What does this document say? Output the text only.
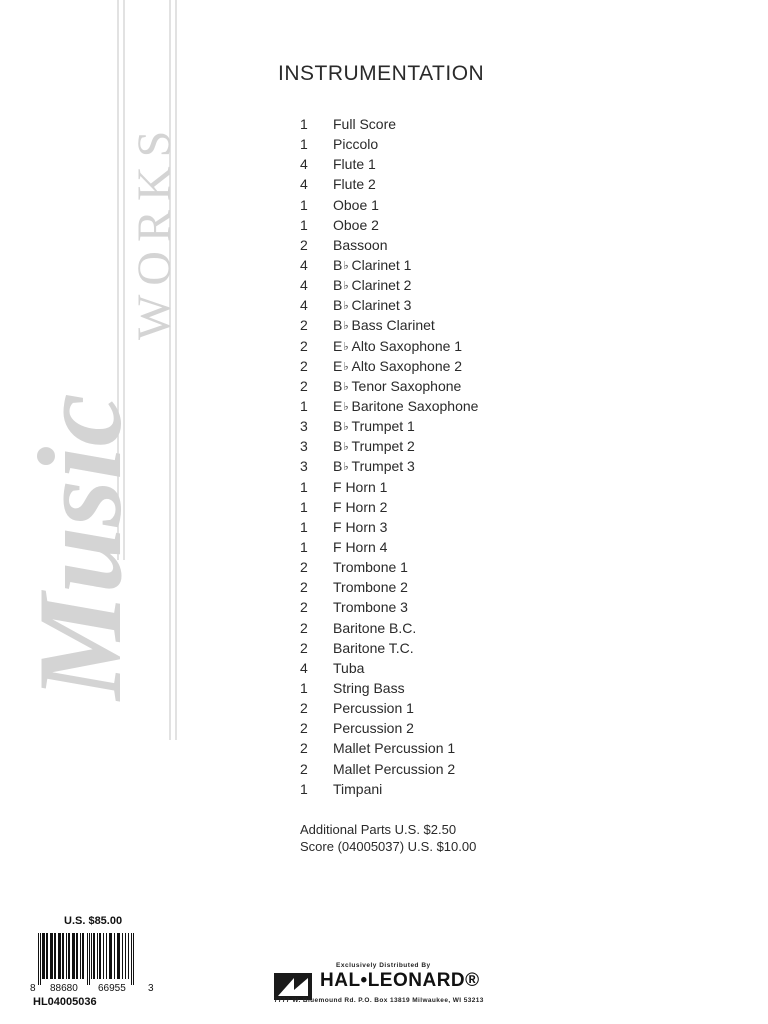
WORKS
Music
INSTRUMENTATION
1	Full Score
1	Piccolo
4	Flute 1
4	Flute 2
1	Oboe 1
1	Oboe 2
2	Bassoon
4	B♭ Clarinet 1
4	B♭ Clarinet 2
4	B♭ Clarinet 3
2	B♭ Bass Clarinet
2	E♭ Alto Saxophone 1
2	E♭ Alto Saxophone 2
2	B♭ Tenor Saxophone
1	E♭ Baritone Saxophone
3	B♭ Trumpet 1
3	B♭ Trumpet 2
3	B♭ Trumpet 3
1	F Horn 1
1	F Horn 2
1	F Horn 3
1	F Horn 4
2	Trombone 1
2	Trombone 2
2	Trombone 3
2	Baritone B.C.
2	Baritone T.C.
4	Tuba
1	String Bass
2	Percussion 1
2	Percussion 2
2	Mallet Percussion 1
2	Mallet Percussion 2
1	Timpani
Additional Parts U.S. $2.50
Score (04005037) U.S. $10.00
U.S. $85.00
8 88680 66955 3
HL04005036
Exclusively Distributed By
HAL•LEONARD®
7777 W. Bluemound Rd. P.O. Box 13819 Milwaukee, WI 53213
